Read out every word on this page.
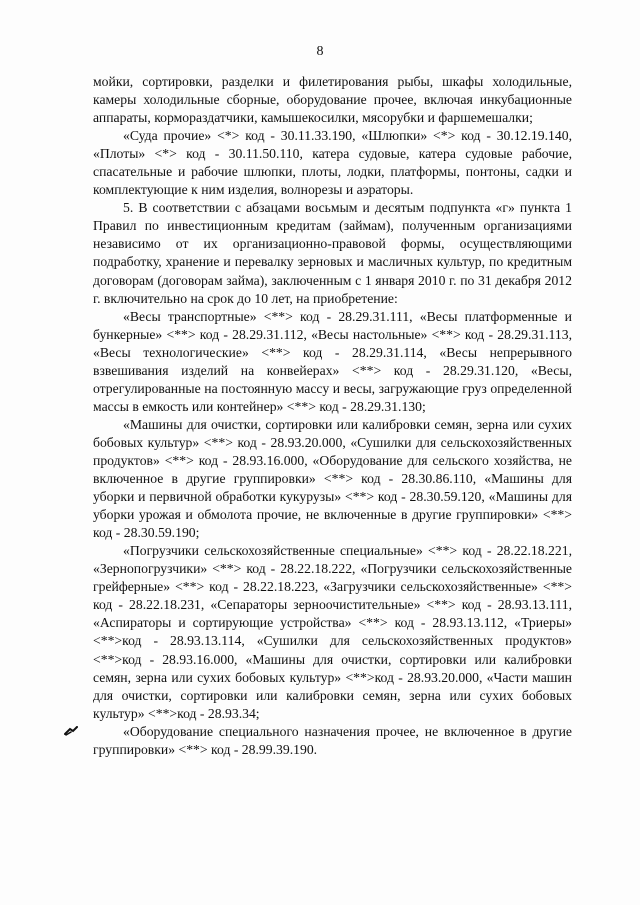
8

мойки, сортировки, разделки и филетирования рыбы, шкафы холодильные, камеры холодильные сборные, оборудование прочее, включая инкубационные аппараты, кормораздатчики, камышекосилки, мясорубки и фаршемешалки;

«Суда прочие» <*> код - 30.11.33.190, «Шлюпки» <*> код - 30.12.19.140, «Плоты» <*> код - 30.11.50.110, катера судовые, катера судовые рабочие, спасательные и рабочие шлюпки, плоты, лодки, платформы, понтоны, садки и комплектующие к ним изделия, волнорезы и аэраторы.

5. В соответствии с абзацами восьмым и десятым подпункта «г» пункта 1 Правил по инвестиционным кредитам (займам), полученным организациями независимо от их организационно-правовой формы, осуществляющими подработку, хранение и перевалку зерновых и масличных культур, по кредитным договорам (договорам займа), заключенным с 1 января 2010 г. по 31 декабря 2012 г. включительно на срок до 10 лет, на приобретение:

«Весы транспортные» <**> код - 28.29.31.111, «Весы платформенные и бункерные» <**> код - 28.29.31.112, «Весы настольные» <**> код - 28.29.31.113, «Весы технологические» <**> код - 28.29.31.114, «Весы непрерывного взвешивания изделий на конвейерах» <**> код - 28.29.31.120, «Весы, отрегулированные на постоянную массу и весы, загружающие груз определенной массы в емкость или контейнер» <**> код - 28.29.31.130;

«Машины для очистки, сортировки или калибровки семян, зерна или сухих бобовых культур» <**> код - 28.93.20.000, «Сушилки для сельскохозяйственных продуктов» <**> код - 28.93.16.000, «Оборудование для сельского хозяйства, не включенное в другие группировки» <**> код - 28.30.86.110, «Машины для уборки и первичной обработки кукурузы» <**> код - 28.30.59.120, «Машины для уборки урожая и обмолота прочие, не включенные в другие группировки» <**> код - 28.30.59.190;

«Погрузчики сельскохозяйственные специальные» <**> код - 28.22.18.221, «Зернопогрузчики» <**> код - 28.22.18.222, «Погрузчики сельскохозяйственные грейферные» <**> код - 28.22.18.223, «Загрузчики сельскохозяйственные» <**> код - 28.22.18.231, «Сепараторы зерноочистительные» <**> код - 28.93.13.111, «Аспираторы и сортирующие устройства» <**> код - 28.93.13.112, «Триеры» <**>код - 28.93.13.114, «Сушилки для сельскохозяйственных продуктов» <**>код - 28.93.16.000, «Машины для очистки, сортировки или калибровки семян, зерна или сухих бобовых культур» <**>код - 28.93.20.000, «Части машин для очистки, сортировки или калибровки семян, зерна или сухих бобовых культур» <**>код - 28.93.34;

«Оборудование специального назначения прочее, не включенное в другие группировки» <**> код - 28.99.39.190.
